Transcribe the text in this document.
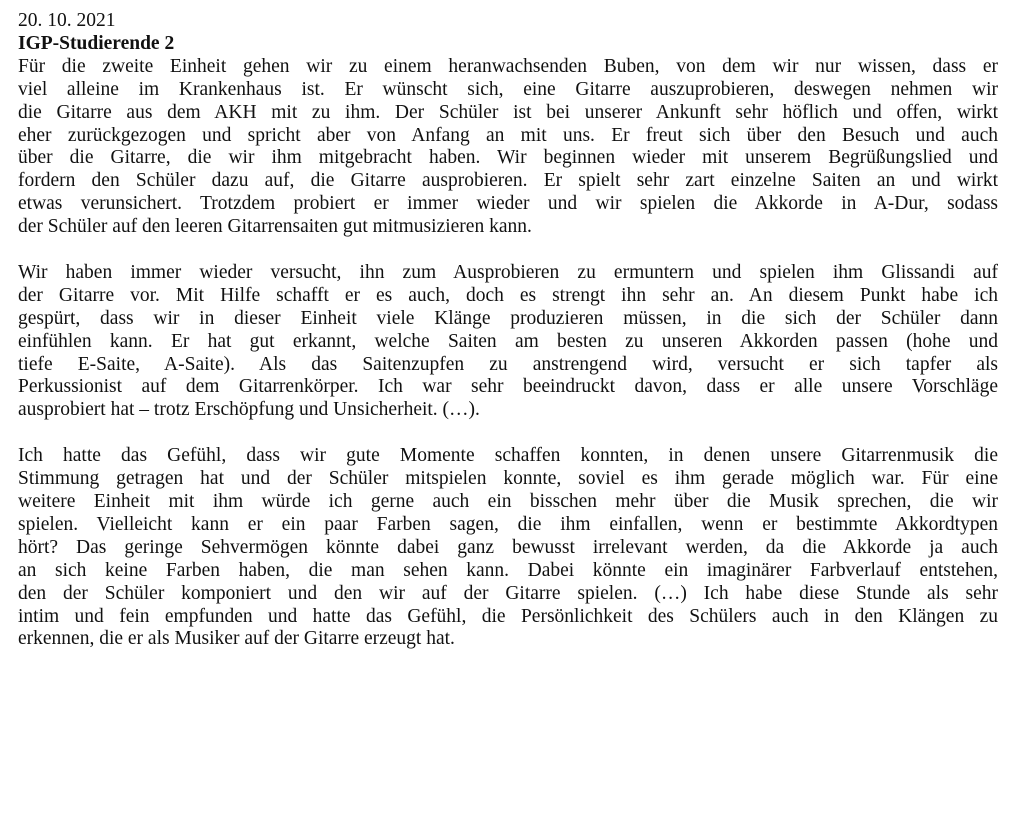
20. 10. 2021
IGP-Studierende 2
Für die zweite Einheit gehen wir zu einem heranwachsenden Buben, von dem wir nur wissen, dass er
viel alleine im Krankenhaus ist. Er wünscht sich, eine Gitarre auszuprobieren, deswegen nehmen wir
die Gitarre aus dem AKH mit zu ihm. Der Schüler ist bei unserer Ankunft sehr höflich und offen, wirkt
eher zurückgezogen und spricht aber von Anfang an mit uns. Er freut sich über den Besuch und auch
über die Gitarre, die wir ihm mitgebracht haben. Wir beginnen wieder mit unserem Begrüßungslied und
fordern den Schüler dazu auf, die Gitarre ausprobieren. Er spielt sehr zart einzelne Saiten an und wirkt
etwas verunsichert. Trotzdem probiert er immer wieder und wir spielen die Akkorde in A-Dur, sodass
der Schüler auf den leeren Gitarrensaiten gut mitmusizieren kann.
Wir haben immer wieder versucht, ihn zum Ausprobieren zu ermuntern und spielen ihm Glissandi auf
der Gitarre vor. Mit Hilfe schafft er es auch, doch es strengt ihn sehr an. An diesem Punkt habe ich
gespürt, dass wir in dieser Einheit viele Klänge produzieren müssen, in die sich der Schüler dann
einfühlen kann. Er hat gut erkannt, welche Saiten am besten zu unseren Akkorden passen (hohe und
tiefe E-Saite, A-Saite). Als das Saitenzupfen zu anstrengend wird, versucht er sich tapfer als
Perkussionist auf dem Gitarrenkörper. Ich war sehr beeindruckt davon, dass er alle unsere Vorschläge
ausprobiert hat – trotz Erschöpfung und Unsicherheit. (…).
Ich hatte das Gefühl, dass wir gute Momente schaffen konnten, in denen unsere Gitarrenmusik die
Stimmung getragen hat und der Schüler mitspielen konnte, soviel es ihm gerade möglich war. Für eine
weitere Einheit mit ihm würde ich gerne auch ein bisschen mehr über die Musik sprechen, die wir
spielen. Vielleicht kann er ein paar Farben sagen, die ihm einfallen, wenn er bestimmte Akkordtypen
hört? Das geringe Sehvermögen könnte dabei ganz bewusst irrelevant werden, da die Akkorde ja auch
an sich keine Farben haben, die man sehen kann. Dabei könnte ein imaginärer Farbverlauf entstehen,
den der Schüler komponiert und den wir auf der Gitarre spielen. (…) Ich habe diese Stunde als sehr
intim und fein empfunden und hatte das Gefühl, die Persönlichkeit des Schülers auch in den Klängen zu
erkennen, die er als Musiker auf der Gitarre erzeugt hat.
